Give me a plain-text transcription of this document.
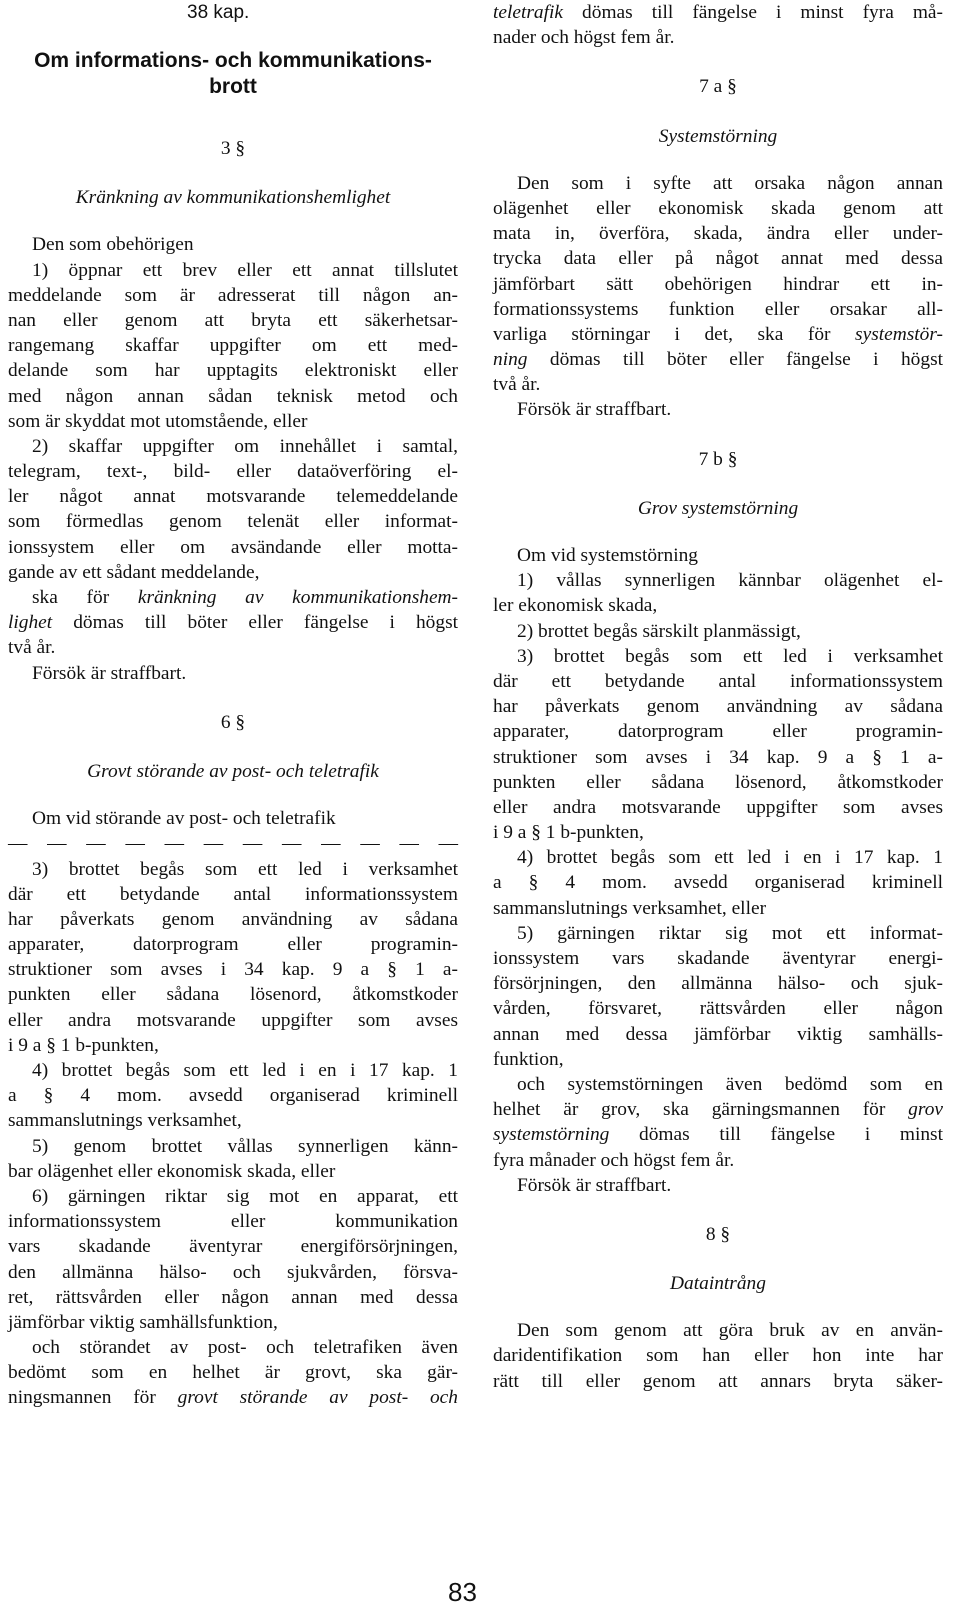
38 kap.
Om informations- och kommunikations-
brott
3 §
Kränkning av kommunikationshemlighet
Den som obehörigen
1) öppnar ett brev eller ett annat tillslutet
meddelande som är adresserat till någon an-
nan eller genom att bryta ett säkerhetsar-
rangemang skaffar uppgifter om ett med-
delande som har upptagits elektroniskt eller
med någon annan sådan teknisk metod och
som är skyddat mot utomstående, eller
2) skaffar uppgifter om innehållet i samtal,
telegram, text-, bild- eller dataöverföring el-
ler något annat motsvarande telemeddelande
som förmedlas genom telenät eller informat-
ionssystem eller om avsändande eller motta-
gande av ett sådant meddelande,
ska för kränkning av kommunikationshem-
lighet dömas till böter eller fängelse i högst
två år.
Försök är straffbart.
6 §
Grovt störande av post- och teletrafik
Om vid störande av post- och teletrafik
— — — — — — — — — — — —
3) brottet begås som ett led i verksamhet
där ett betydande antal informationssystem
har påverkats genom användning av sådana
apparater, datorprogram eller programin-
struktioner som avses i 34 kap. 9 a § 1 a-
punkten eller sådana lösenord, åtkomstkoder
eller andra motsvarande uppgifter som avses
i 9 a § 1 b-punkten,
4) brottet begås som ett led i en i 17 kap. 1
a § 4 mom. avsedd organiserad kriminell
sammanslutnings verksamhet,
5) genom brottet vållas synnerligen känn-
bar olägenhet eller ekonomisk skada, eller
6) gärningen riktar sig mot en apparat, ett
informationssystem eller kommunikation
vars skadande äventyrar energiförsörjningen,
den allmänna hälso- och sjukvården, försva-
ret, rättsvården eller någon annan med dessa
jämförbar viktig samhällsfunktion,
och störandet av post- och teletrafiken även
bedömt som en helhet är grovt, ska gär-
ningsmannen för grovt störande av post- och
teletrafik dömas till fängelse i minst fyra må-
nader och högst fem år.
7 a §
Systemstörning
Den som i syfte att orsaka någon annan
olägenhet eller ekonomisk skada genom att
mata in, överföra, skada, ändra eller under-
trycka data eller på något annat med dessa
jämförbart sätt obehörigen hindrar ett in-
formationssystems funktion eller orsakar all-
varliga störningar i det, ska för systemstör-
ning dömas till böter eller fängelse i högst
två år.
Försök är straffbart.
7 b §
Grov systemstörning
Om vid systemstörning
1) vållas synnerligen kännbar olägenhet el-
ler ekonomisk skada,
2) brottet begås särskilt planmässigt,
3) brottet begås som ett led i verksamhet
där ett betydande antal informationssystem
har påverkats genom användning av sådana
apparater, datorprogram eller programin-
struktioner som avses i 34 kap. 9 a § 1 a-
punkten eller sådana lösenord, åtkomstkoder
eller andra motsvarande uppgifter som avses
i 9 a § 1 b-punkten,
4) brottet begås som ett led i en i 17 kap. 1
a § 4 mom. avsedd organiserad kriminell
sammanslutnings verksamhet, eller
5) gärningen riktar sig mot ett informat-
ionssystem vars skadande äventyrar energi-
försörjningen, den allmänna hälso- och sjuk-
vården, försvaret, rättsvården eller någon
annan med dessa jämförbar viktig samhälls-
funktion,
och systemstörningen även bedömd som en
helhet är grov, ska gärningsmannen för grov
systemstörning dömas till fängelse i minst
fyra månader och högst fem år.
Försök är straffbart.
8 §
Dataintrång
Den som genom att göra bruk av en använ-
daridentifikation som han eller hon inte har
rätt till eller genom att annars bryta säker-
83
